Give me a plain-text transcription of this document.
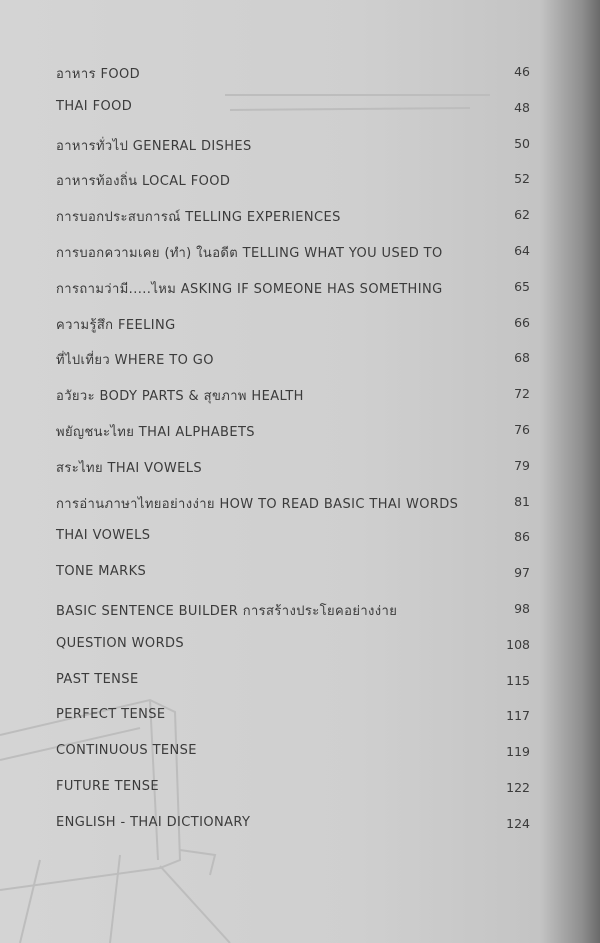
อาหาร FOOD	46
THAI FOOD	48
อาหารทั่วไป GENERAL DISHES	50
อาหารท้องถิ่น LOCAL FOOD	52
การบอกประสบการณ์ TELLING EXPERIENCES	62
การบอกความเคย (ทำ) ในอดีต TELLING WHAT YOU USED TO	64
การถามว่ามี.....ไหม ASKING IF SOMEONE HAS SOMETHING	65
ความรู้สึก FEELING	66
ที่ไปเที่ยว WHERE TO GO	68
อวัยวะ BODY PARTS & สุขภาพ HEALTH	72
พยัญชนะไทย THAI ALPHABETS	76
สระไทย THAI VOWELS	79
การอ่านภาษาไทยอย่างง่าย HOW TO READ BASIC THAI WORDS	81
THAI VOWELS	86
TONE MARKS	97
BASIC SENTENCE BUILDER การสร้างประโยคอย่างง่าย	98
QUESTION WORDS	108
PAST TENSE	115
PERFECT TENSE	117
CONTINUOUS TENSE	119
FUTURE TENSE	122
ENGLISH - THAI DICTIONARY	124
